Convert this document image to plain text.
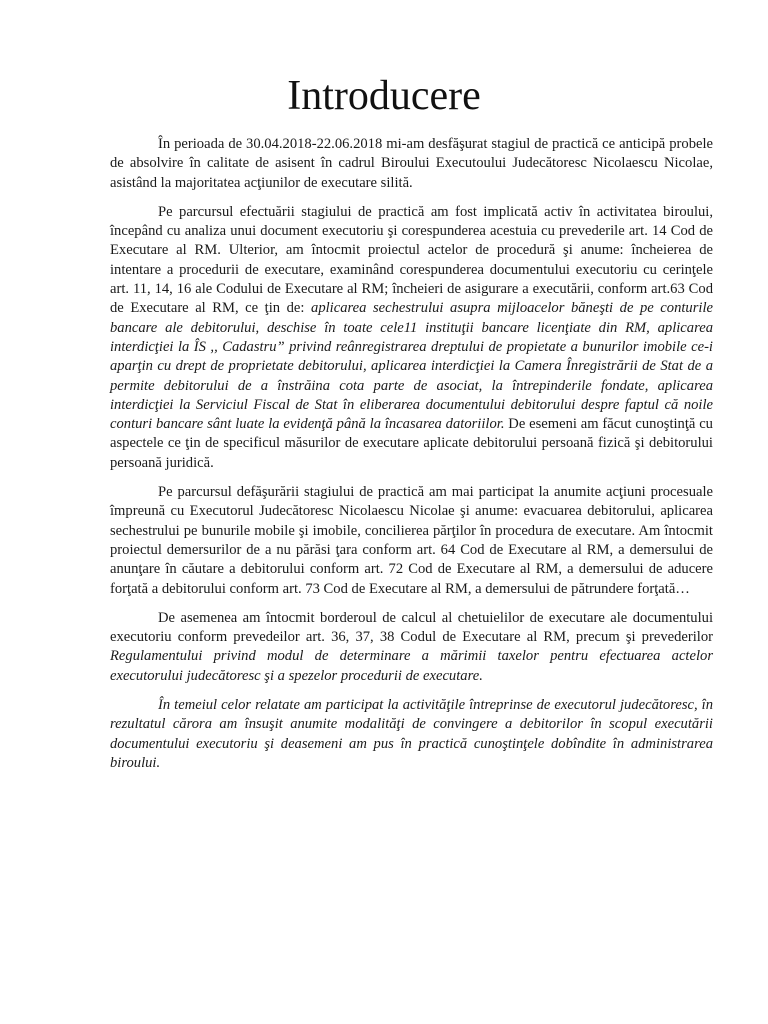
Introducere

În perioada de 30.04.2018-22.06.2018 mi-am desfăşurat stagiul de practică ce anticipă probele de absolvire în calitate de asisent în cadrul Biroului Executoului Judecătoresc Nicolaescu Nicolae, asistând la majoritatea acţiunilor de executare silită.

Pe parcursul efectuării stagiului de practică am fost implicată activ în activitatea biroului, începând cu analiza unui document executoriu şi corespunderea acestuia cu prevederile art. 14 Cod de Executare al RM. Ulterior, am întocmit proiectul actelor de procedură şi anume: încheierea de intentare a procedurii de executare, examinând corespunderea documentului executoriu cu cerinţele art. 11, 14, 16 ale Codului de Executare al RM; încheieri de asigurare a executării, conform art.63 Cod de Executare al RM, ce ţin de: aplicarea sechestrului asupra mijloacelor băneşti de pe conturile bancare ale debitorului, deschise în toate cele11 instituţii bancare licenţiate din RM, aplicarea interdicţiei la ÎS ,, Cadastru” privind reânregistrarea dreptului de propietate a bunurilor imobile ce-i aparţin cu drept de proprietate debitorului, aplicarea interdicţiei la Camera Înregistrării de Stat de a permite debitorului de a înstrăina cota parte de asociat, la întrepinderile fondate, aplicarea interdicţiei la Serviciul Fiscal de Stat în eliberarea documentului debitorului despre faptul că noile conturi bancare sânt luate la evidenţă până la încasarea datoriilor. De esemeni am făcut cunoştinţă cu aspectele ce ţin de specificul măsurilor de executare aplicate debitorului persoană fizică şi debitorului persoană juridică.

Pe parcursul defăşurării stagiului de practică am mai participat la anumite acţiuni procesuale împreună cu Executorul Judecătoresc Nicolaescu Nicolae şi anume: evacuarea debitorului, aplicarea sechestrului pe bunurile mobile şi imobile, concilierea părţilor în procedura de executare. Am întocmit proiectul demersurilor de a nu părăsi ţara conform art. 64 Cod de Executare al RM, a demersului de anunţare în căutare a debitorului conform art. 72 Cod de Executare al RM, a demersului de aducere forţată a debitorului conform art. 73 Cod de Executare al RM, a demersului de pătrundere forţată…

De asemenea am întocmit borderoul de calcul al chetuielilor de executare ale documentului executoriu conform prevedeilor art. 36, 37, 38 Codul de Executare al RM, precum şi prevederilor Regulamentului privind modul de determinare a mărimii taxelor pentru efectuarea actelor executorului judecătoresc şi a spezelor procedurii de executare.

În temeiul celor relatate am participat la activităţile întreprinse de executorul judecătoresc, în rezultatul cărora am însuşit anumite modalităţi de convingere a debitorilor în scopul executării documentului executoriu şi deasemeni am pus în practică cunoştinţele dobîndite în administrarea biroului.
